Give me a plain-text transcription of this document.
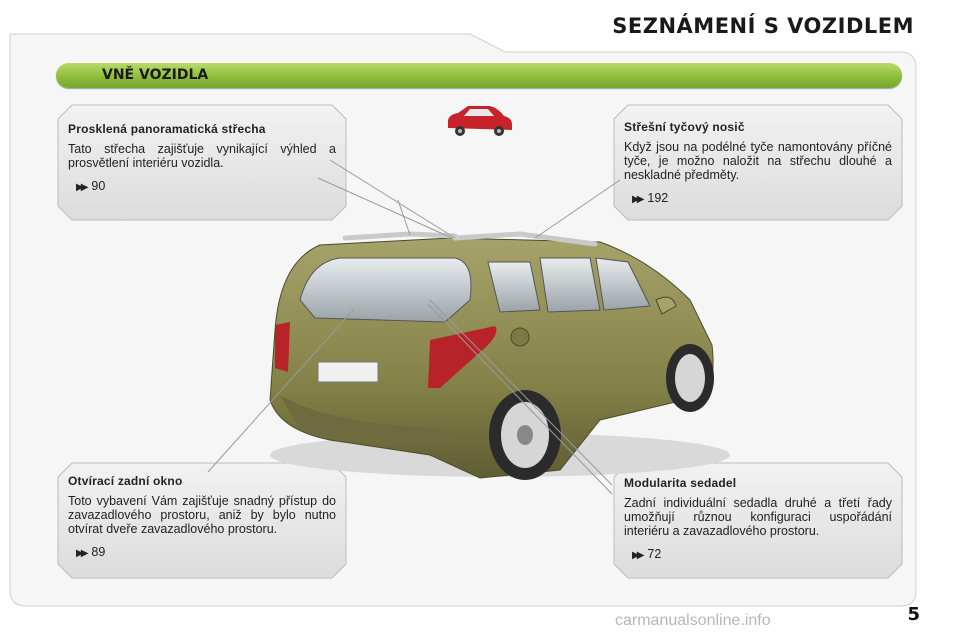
SEZNÁMENÍ S VOZIDLEM
VNĚ VOZIDLA
Prosklená panoramatická střecha
Tato střecha zajišťuje vynikající výhled a prosvětlení interiéru vozidla.
▶▶ 90
Střešní tyčový nosič
Když jsou na podélné tyče namontovány příčné tyče, je možno naložit na střechu dlouhé a neskladné předměty.
▶▶ 192
Otvírací zadní okno
Toto vybavení Vám zajišťuje snadný přístup do zavazadlového prostoru, aniž by bylo nutno otvírat dveře zavazadlového prostoru.
▶▶ 89
Modularita sedadel
Zadní individuální sedadla druhé a třetí řady umožňují různou konfiguraci uspořádání interiéru a zavazadlového prostoru.
▶▶ 72
5
carmanualsonline.info
